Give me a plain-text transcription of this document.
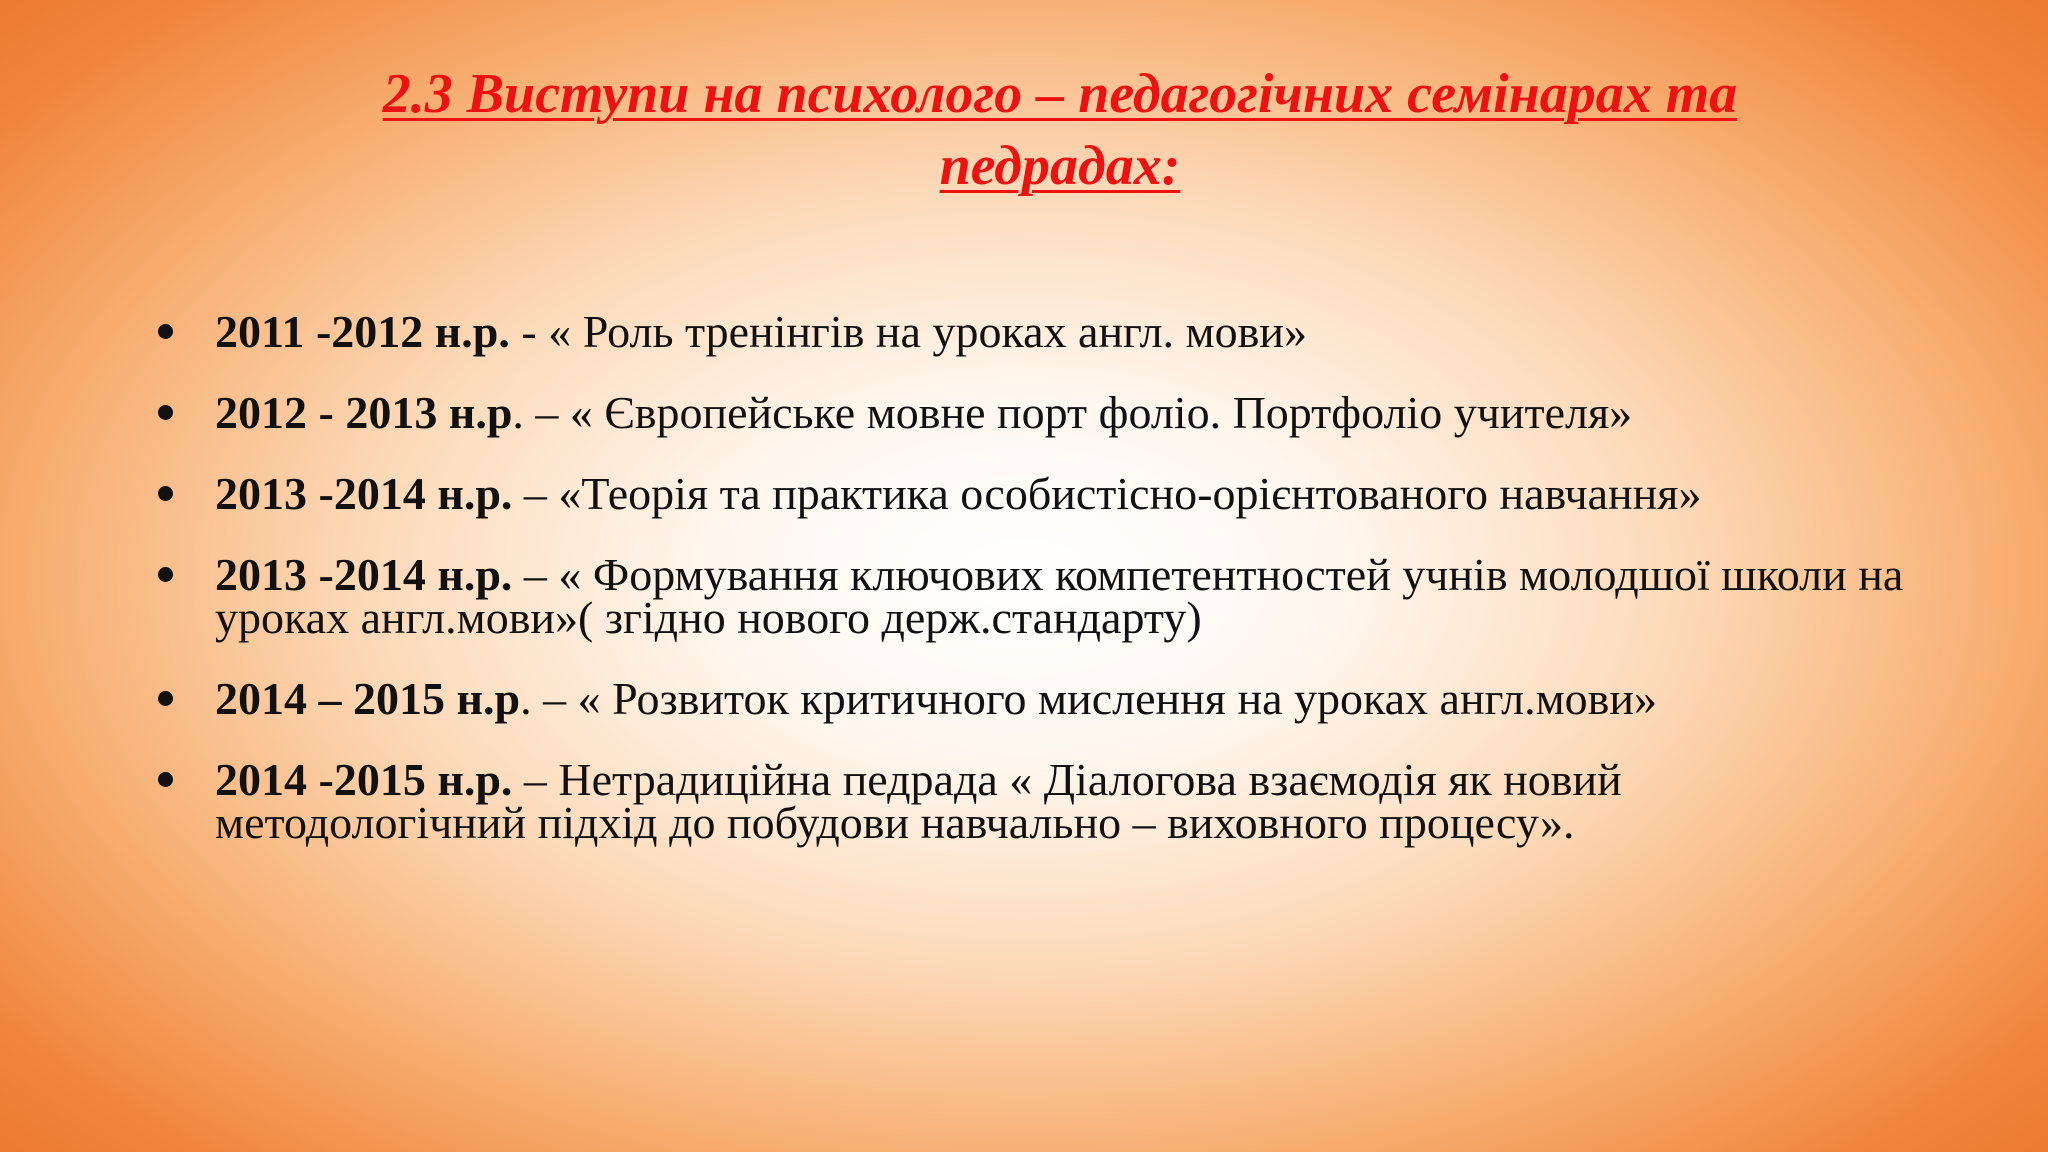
2.3 Виступи на психолого – педагогічних семінарах та педрадах:
2011 -2012 н.р. - « Роль тренінгів на уроках англ. мови»
2012 - 2013 н.р. – « Європейське мовне порт фоліо. Портфоліо учителя»
2013 -2014 н.р. – «Теорія та практика особистісно-орієнтованого навчання»
2013 -2014 н.р. – « Формування ключових компетентностей учнів молодшої школи на уроках англ.мови»( згідно нового держ.стандарту)
2014 – 2015 н.р. – « Розвиток критичного мислення на уроках англ.мови»
2014 -2015 н.р. – Нетрадиційна педрада « Діалогова взаємодія як новий методологічний підхід до побудови навчально – виховного процесу».
